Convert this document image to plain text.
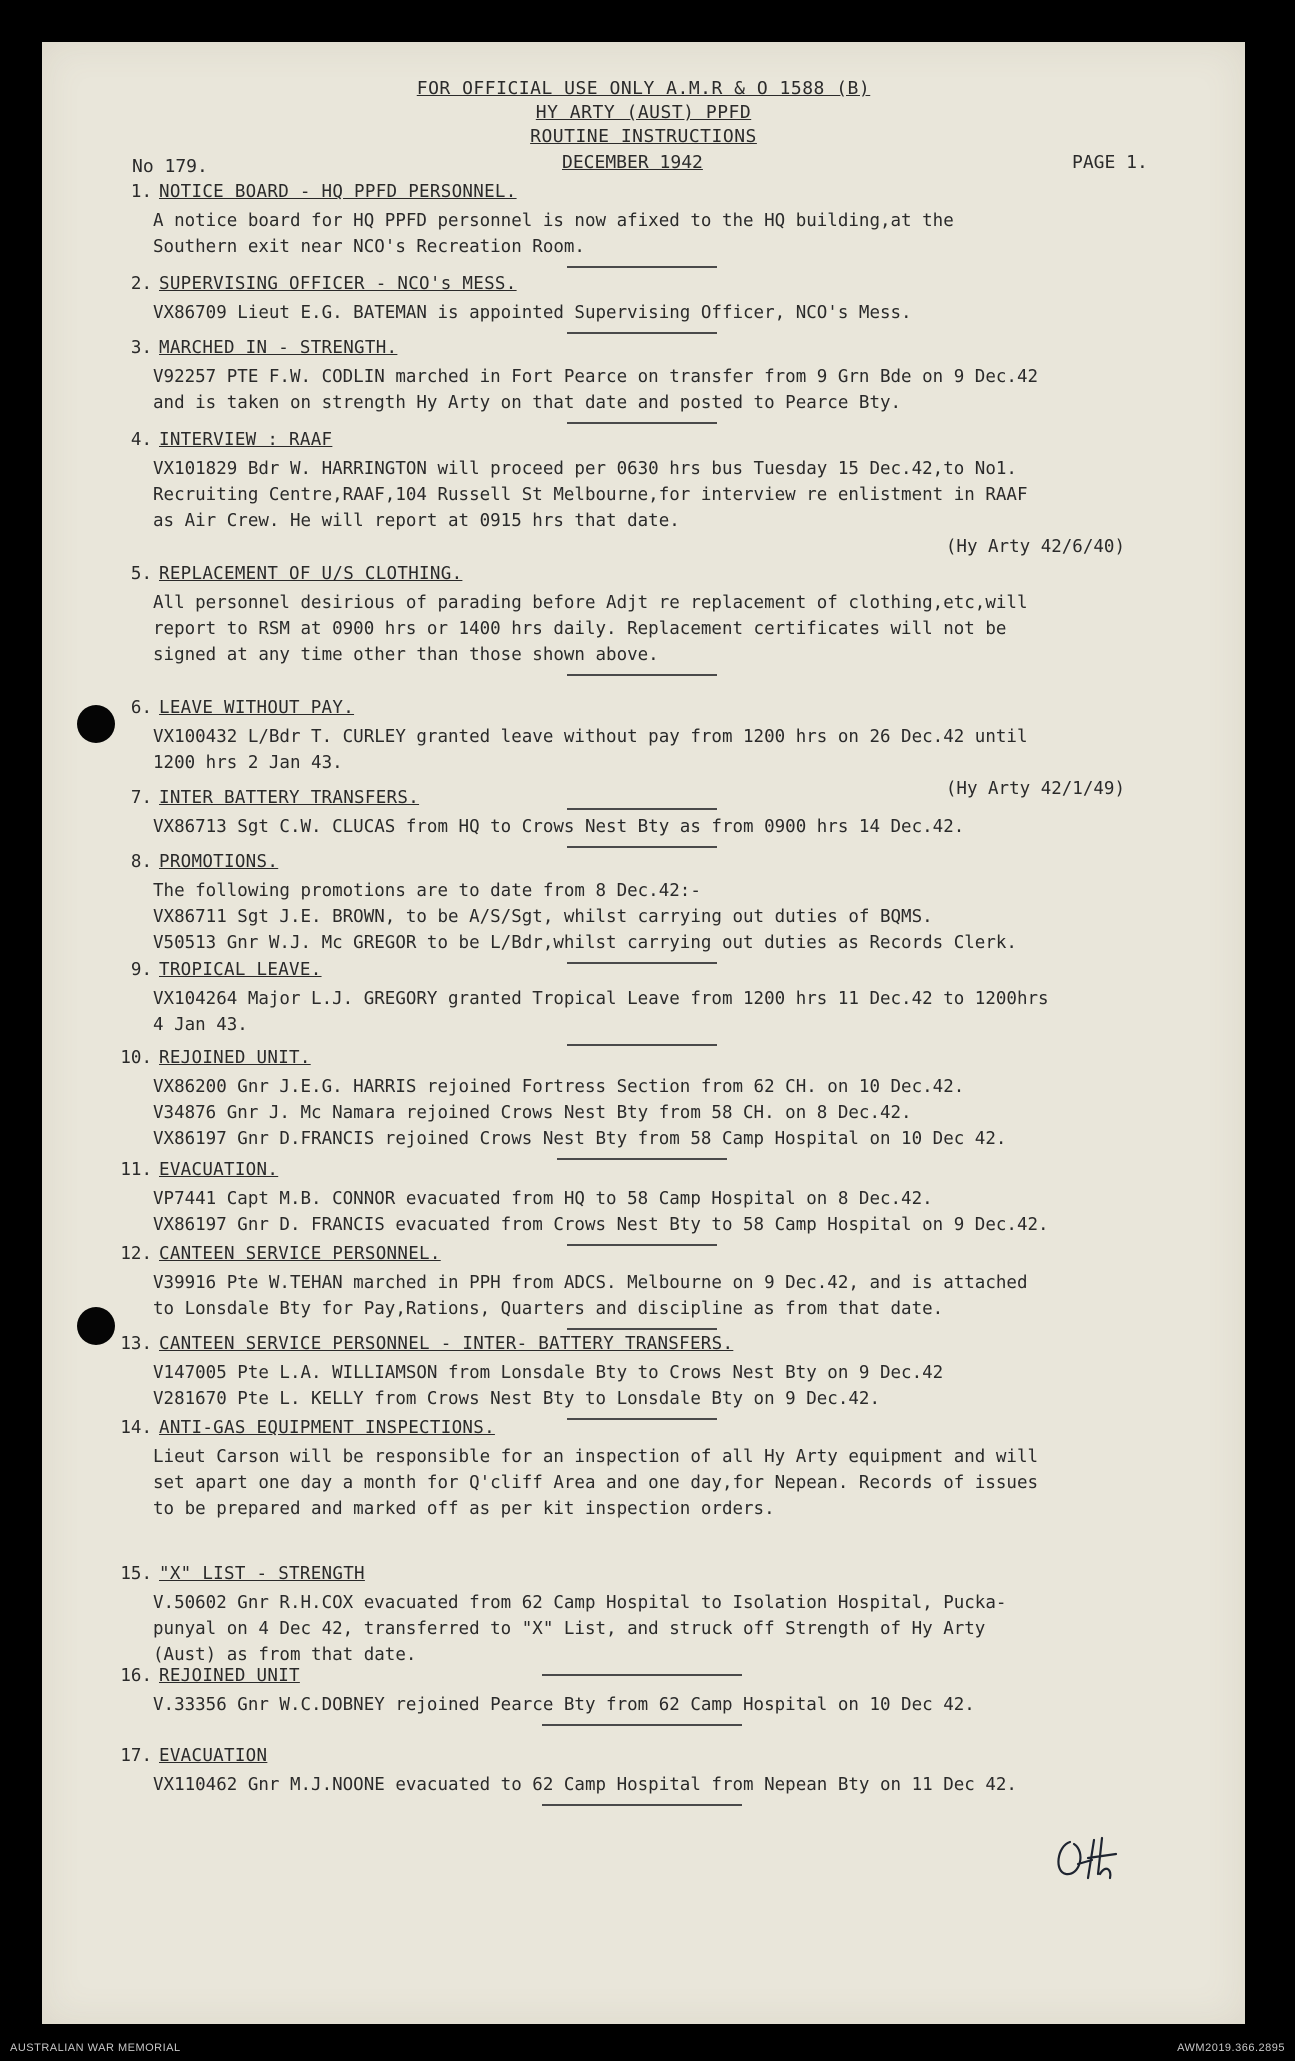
FOR OFFICIAL USE ONLY A.M.R & O 1588 (B)
HY ARTY (AUST) PPFD
ROUTINE INSTRUCTIONS
No 179.	DECEMBER 1942	PAGE 1.
1. NOTICE BOARD - HQ PPFD PERSONNEL.
A notice board for HQ PPFD personnel is now afixed to the HQ building,at the
Southern exit near NCO's Recreation Room.
2. SUPERVISING OFFICER - NCO's MESS.
VX86709 Lieut E.G. BATEMAN is appointed Supervising Officer, NCO's Mess.
3. MARCHED IN - STRENGTH.
V92257 PTE F.W. CODLIN marched in Fort Pearce on transfer from 9 Grn Bde on 9 Dec.42
and is taken on strength Hy Arty on that date and posted to Pearce Bty.
4. INTERVIEW : RAAF
VX101829 Bdr W. HARRINGTON will proceed per 0630 hrs bus Tuesday 15 Dec.42,to No1.
Recruiting Centre,RAAF,104 Russell St Melbourne,for interview re enlistment in RAAF
as Air Crew. He will report at 0915 hrs that date.
(Hy Arty 42/6/40)
5. REPLACEMENT OF U/S CLOTHING.
All personnel desirious of parading before Adjt re replacement of clothing,etc,will
report to RSM at 0900 hrs or 1400 hrs daily. Replacement certificates will not be
signed at any time other than those shown above.
6. LEAVE WITHOUT PAY.
VX100432 L/Bdr T. CURLEY granted leave without pay from 1200 hrs on 26 Dec.42 until
1200 hrs 2 Jan 43.
(Hy Arty 42/1/49)
7. INTER BATTERY TRANSFERS.
VX86713 Sgt C.W. CLUCAS from HQ to Crows Nest Bty as from 0900 hrs 14 Dec.42.
8. PROMOTIONS.
The following promotions are to date from 8 Dec.42:-
VX86711 Sgt J.E. BROWN, to be A/S/Sgt, whilst carrying out duties of BQMS.
V50513 Gnr W.J. Mc GREGOR to be L/Bdr,whilst carrying out duties as Records Clerk.
9. TROPICAL LEAVE.
VX104264 Major L.J. GREGORY granted Tropical Leave from 1200 hrs 11 Dec.42 to 1200hrs
4 Jan 43.
10. REJOINED UNIT.
VX86200 Gnr J.E.G. HARRIS rejoined Fortress Section from 62 CH. on 10 Dec.42.
V34876 Gnr J. Mc Namara rejoined Crows Nest Bty from 58 CH. on 8 Dec.42.
VX86197 Gnr D.FRANCIS rejoined Crows Nest Bty from 58 Camp Hospital on 10 Dec 42.
11. EVACUATION.
VP7441 Capt M.B. CONNOR evacuated from HQ to 58 Camp Hospital on 8 Dec.42.
VX86197 Gnr D. FRANCIS evacuated from Crows Nest Bty to 58 Camp Hospital on 9 Dec.42.
12. CANTEEN SERVICE PERSONNEL.
V39916 Pte W.TEHAN marched in PPH from ADCS. Melbourne on 9 Dec.42, and is attached
to Lonsdale Bty for Pay,Rations, Quarters and discipline as from that date.
13. CANTEEN SERVICE PERSONNEL - INTER- BATTERY TRANSFERS.
V147005 Pte L.A. WILLIAMSON from Lonsdale Bty to Crows Nest Bty on 9 Dec.42
V281670 Pte L. KELLY from Crows Nest Bty to Lonsdale Bty on 9 Dec.42.
14. ANTI-GAS EQUIPMENT INSPECTIONS.
Lieut Carson will be responsible for an inspection of all Hy Arty equipment and will
set apart one day a month for Q'cliff Area and one day,for Nepean. Records of issues
to be prepared and marked off as per kit inspection orders.
15. "X" LIST - STRENGTH
V.50602 Gnr R.H.COX evacuated from 62 Camp Hospital to Isolation Hospital, Pucka-
punyal on 4 Dec 42, transferred to "X" List, and struck off Strength of Hy Arty
(Aust) as from that date.
16. REJOINED UNIT
V.33356 Gnr W.C.DOBNEY rejoined Pearce Bty from 62 Camp Hospital on 10 Dec 42.
17. EVACUATION
VX110462 Gnr M.J.NOONE evacuated to 62 Camp Hospital from Nepean Bty on 11 Dec 42.
AUSTRALIAN WAR MEMORIAL	AWM2019.366.2895
